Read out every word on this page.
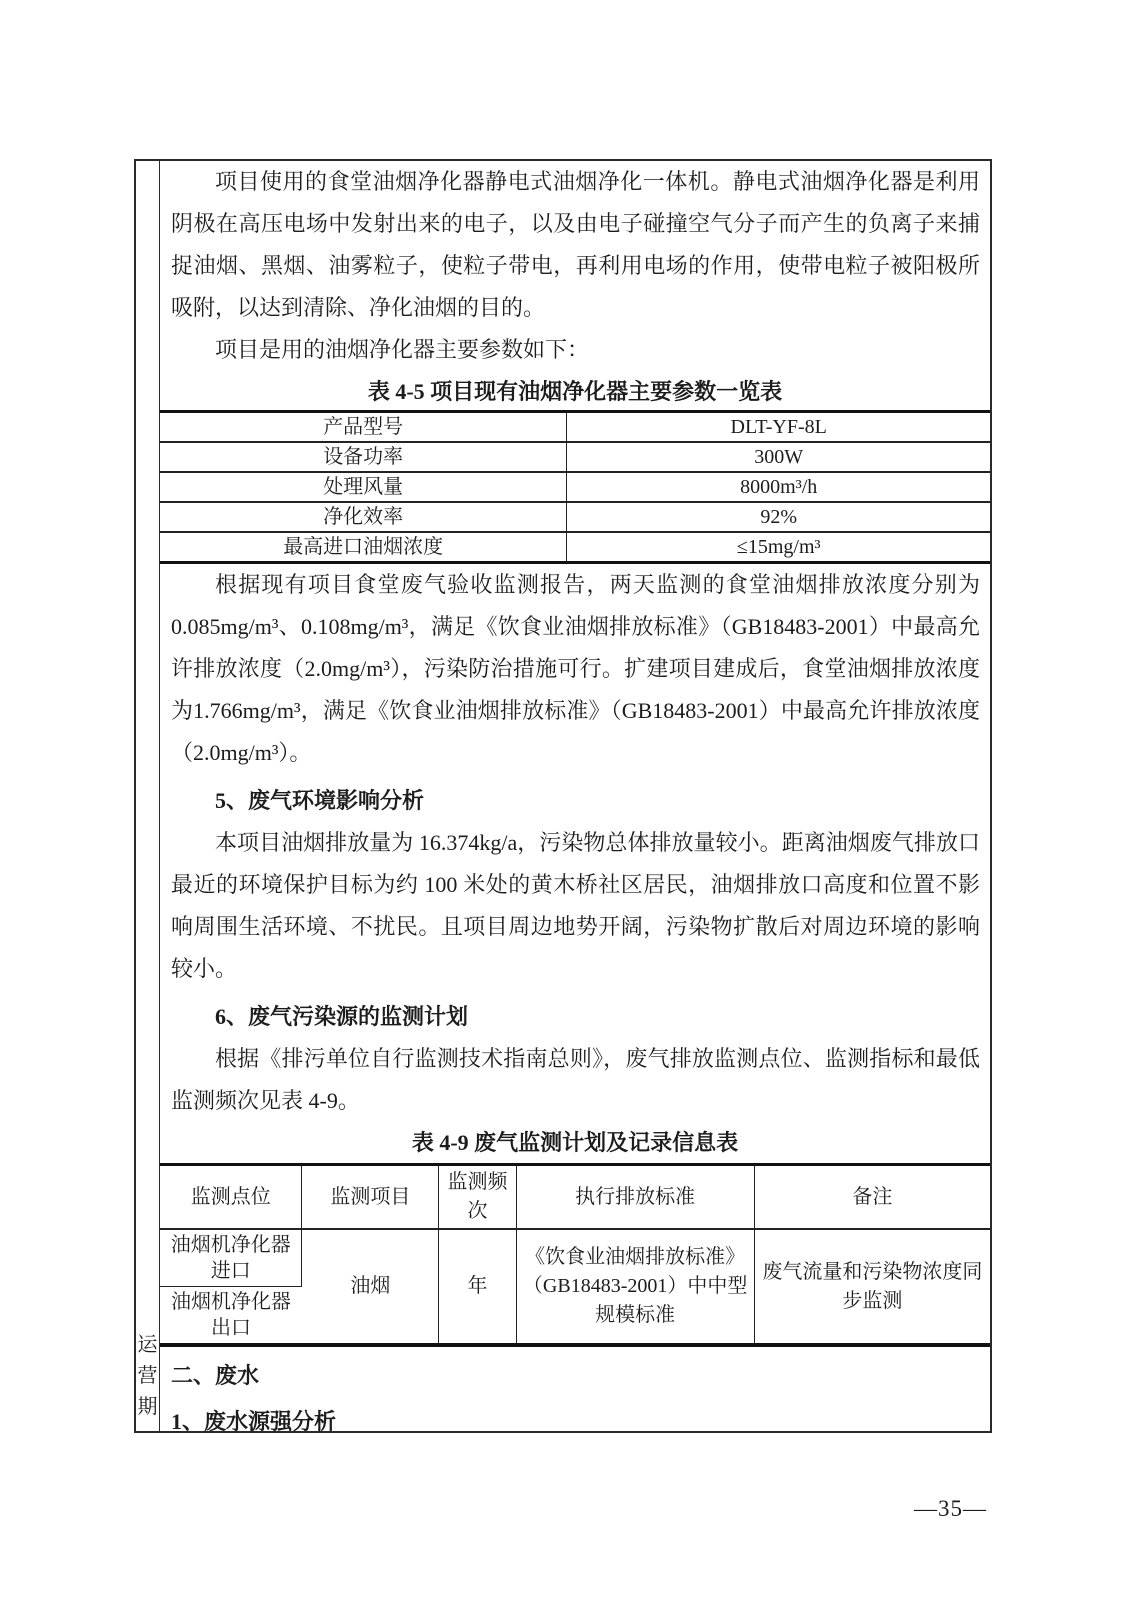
运营期

项目使用的食堂油烟净化器静电式油烟净化一体机。静电式油烟净化器是利用阴极在高压电场中发射出来的电子，以及由电子碰撞空气分子而产生的负离子来捕捉油烟、黑烟、油雾粒子，使粒子带电，再利用电场的作用，使带电粒子被阳极所吸附，以达到清除、净化油烟的目的。

项目是用的油烟净化器主要参数如下：

表 4-5 项目现有油烟净化器主要参数一览表
产品型号	DLT-YF-8L
设备功率	300W
处理风量	8000m³/h
净化效率	92%
最高进口油烟浓度	≤15mg/m³

根据现有项目食堂废气验收监测报告，两天监测的食堂油烟排放浓度分别为0.085mg/m³、0.108mg/m³，满足《饮食业油烟排放标准》（GB18483-2001）中最高允许排放浓度（2.0mg/m³），污染防治措施可行。扩建项目建成后，食堂油烟排放浓度为1.766mg/m³，满足《饮食业油烟排放标准》（GB18483-2001）中最高允许排放浓度（2.0mg/m³）。

5、废气环境影响分析

本项目油烟排放量为 16.374kg/a，污染物总体排放量较小。距离油烟废气排放口最近的环境保护目标为约 100 米处的黄木桥社区居民，油烟排放口高度和位置不影响周围生活环境、不扰民。且项目周边地势开阔，污染物扩散后对周边环境的影响较小。

6、废气污染源的监测计划

根据《排污单位自行监测技术指南总则》，废气排放监测点位、监测指标和最低监测频次见表 4-9。

表 4-9 废气监测计划及记录信息表
监测点位	监测项目	监测频次	执行排放标准	备注
油烟机净化器进口	油烟	年	《饮食业油烟排放标准》（GB18483-2001）中中型规模标准	废气流量和污染物浓度同步监测
油烟机净化器出口				

二、废水

1、废水源强分析

—35—
